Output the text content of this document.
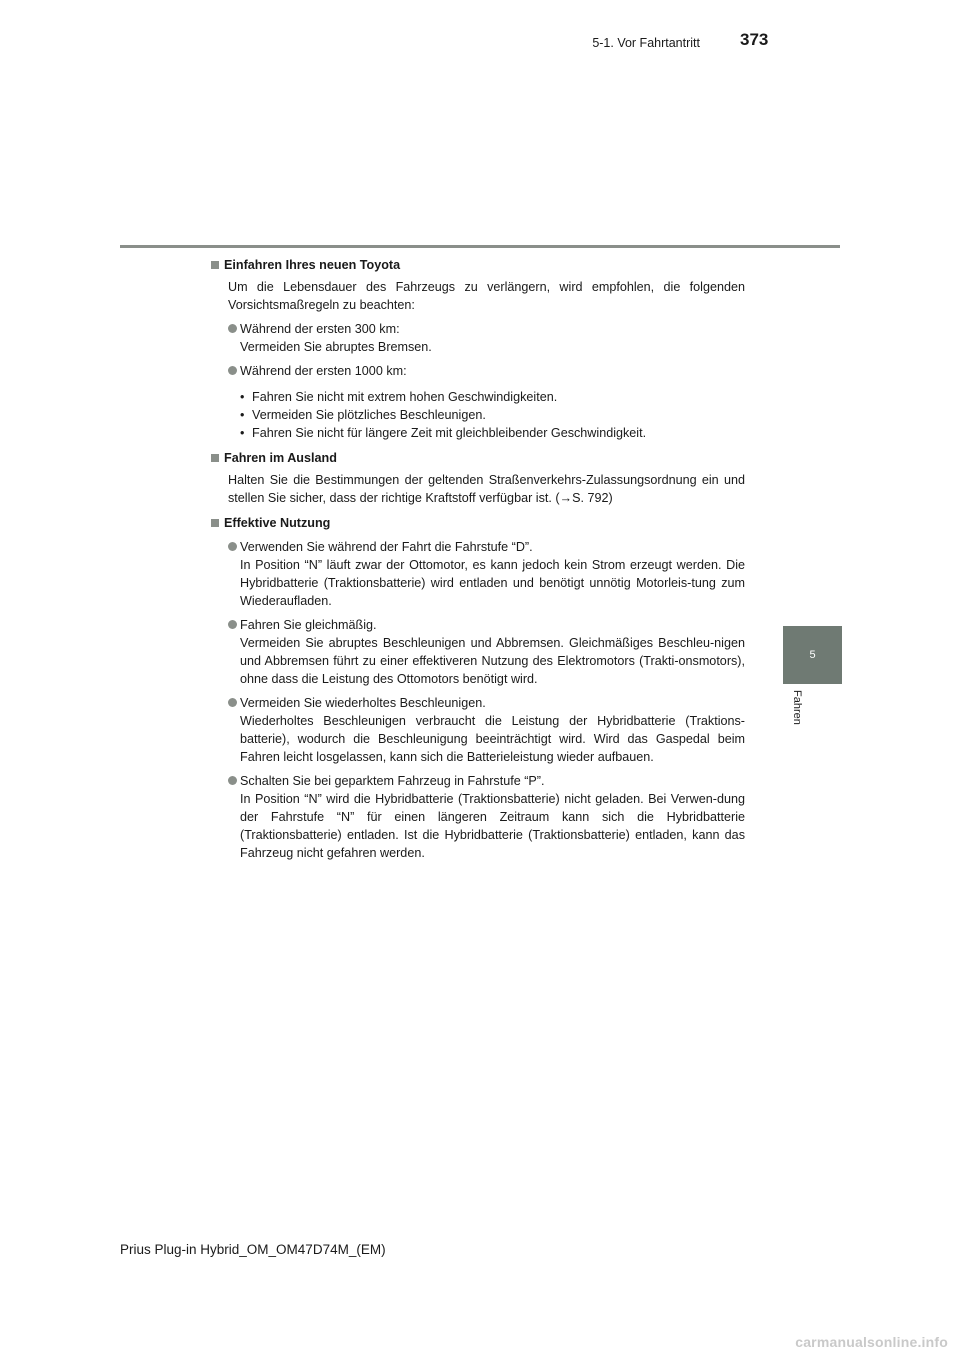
5-1. Vor Fahrtantritt 373
5
Fahren
Einfahren Ihres neuen Toyota
Um die Lebensdauer des Fahrzeugs zu verlängern, wird empfohlen, die folgenden Vorsichtsmaßregeln zu beachten:
Während der ersten 300 km:
Vermeiden Sie abruptes Bremsen.
Während der ersten 1000 km:
• Fahren Sie nicht mit extrem hohen Geschwindigkeiten.
• Vermeiden Sie plötzliches Beschleunigen.
• Fahren Sie nicht für längere Zeit mit gleichbleibender Geschwindigkeit.
Fahren im Ausland
Halten Sie die Bestimmungen der geltenden Straßenverkehrs-Zulassungsordnung ein und stellen Sie sicher, dass der richtige Kraftstoff verfügbar ist. (→S. 792)
Effektive Nutzung
Verwenden Sie während der Fahrt die Fahrstufe “D”.
In Position “N” läuft zwar der Ottomotor, es kann jedoch kein Strom erzeugt werden. Die Hybridbatterie (Traktionsbatterie) wird entladen und benötigt unnötig Motorleis-tung zum Wiederaufladen.
Fahren Sie gleichmäßig.
Vermeiden Sie abruptes Beschleunigen und Abbremsen. Gleichmäßiges Beschleu-nigen und Abbremsen führt zu einer effektiveren Nutzung des Elektromotors (Trakti-onsmotors), ohne dass die Leistung des Ottomotors benötigt wird.
Vermeiden Sie wiederholtes Beschleunigen.
Wiederholtes Beschleunigen verbraucht die Leistung der Hybridbatterie (Traktions-batterie), wodurch die Beschleunigung beeinträchtigt wird. Wird das Gaspedal beim Fahren leicht losgelassen, kann sich die Batterieleistung wieder aufbauen.
Schalten Sie bei geparktem Fahrzeug in Fahrstufe “P”.
In Position “N” wird die Hybridbatterie (Traktionsbatterie) nicht geladen. Bei Verwen-dung der Fahrstufe “N” für einen längeren Zeitraum kann sich die Hybridbatterie (Traktionsbatterie) entladen. Ist die Hybridbatterie (Traktionsbatterie) entladen, kann das Fahrzeug nicht gefahren werden.
Prius Plug-in Hybrid_OM_OM47D74M_(EM)
carmanualsonline.info
